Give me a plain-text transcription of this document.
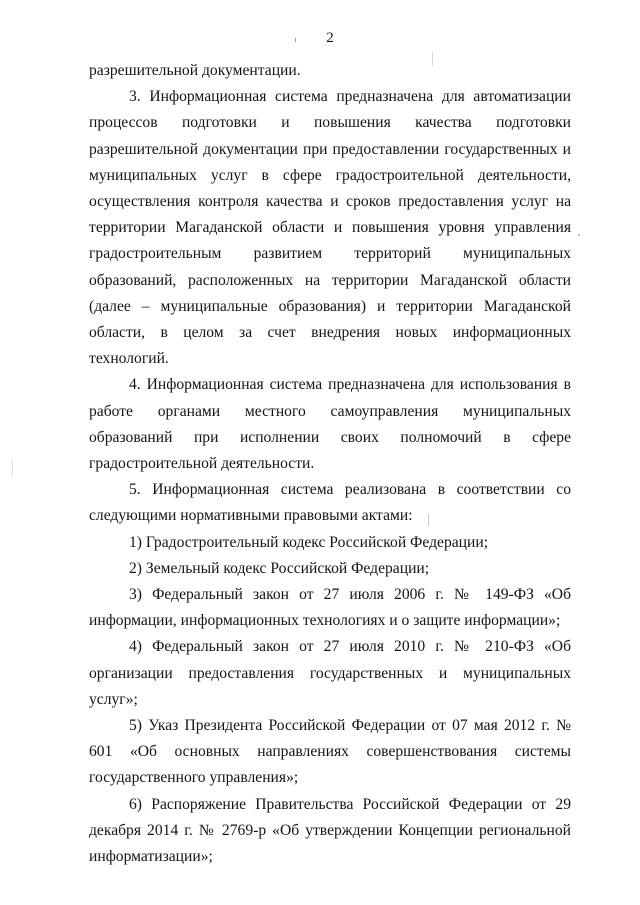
2

разрешительной документации.

3. Информационная система предназначена для автоматизации процессов подготовки и повышения качества подготовки разрешительной документации при предоставлении государственных и муниципальных услуг в сфере градостроительной деятельности, осуществления контроля качества и сроков предоставления услуг на территории Магаданской области и повышения уровня управления градостроительным развитием территорий муниципальных образований, расположенных на территории Магаданской области (далее – муниципальные образования) и территории Магаданской области, в целом за счет внедрения новых информационных технологий.

4. Информационная система предназначена для использования в работе органами местного самоуправления муниципальных образований при исполнении своих полномочий в сфере градостроительной деятельности.

5. Информационная система реализована в соответствии со следующими нормативными правовыми актами:

1) Градостроительный кодекс Российской Федерации;

2) Земельный кодекс Российской Федерации;

3) Федеральный закон от 27 июля 2006 г. № 149-ФЗ «Об информации, информационных технологиях и о защите информации»;

4) Федеральный закон от 27 июля 2010 г. № 210-ФЗ «Об организации предоставления государственных и муниципальных услуг»;

5) Указ Президента Российской Федерации от 07 мая 2012 г. № 601 «Об основных направлениях совершенствования системы государственного управления»;

6) Распоряжение Правительства Российской Федерации от 29 декабря 2014 г. № 2769-р «Об утверждении Концепции региональной информатизации»;
